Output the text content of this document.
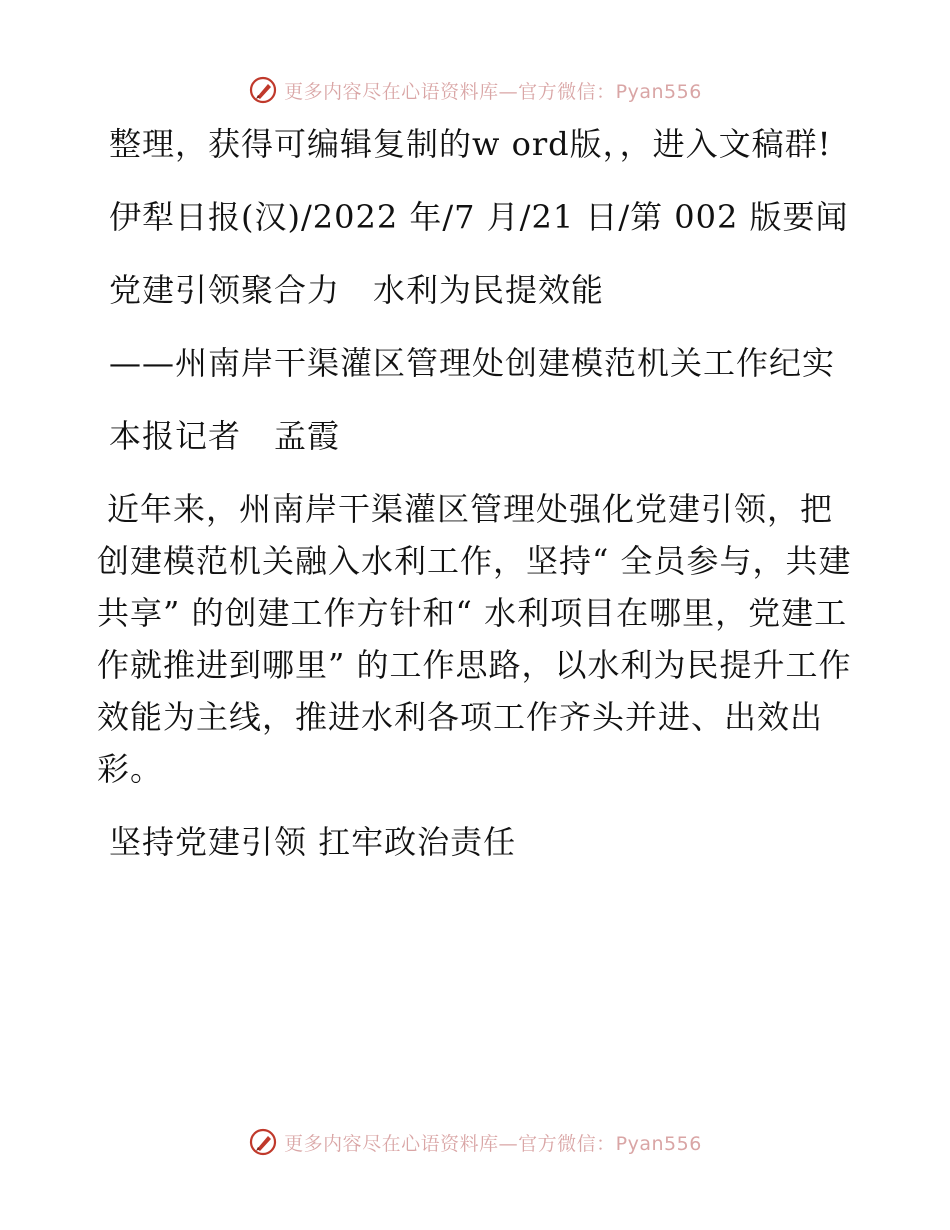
更多内容尽在心语资料库—官方微信：Pyan556

整理，获得可编辑复制的w ord版，，进入文稿群!

伊犁日报(汉)/2022 年/7 月/21 日/第 002 版要闻

党建引领聚合力　水利为民提效能

——州南岸干渠灌区管理处创建模范机关工作纪实

本报记者　孟霞

近年来，州南岸干渠灌区管理处强化党建引领，把创建模范机关融入水利工作，坚持“ 全员参与，共建共享” 的创建工作方针和“ 水利项目在哪里，党建工作就推进到哪里” 的工作思路，以水利为民提升工作效能为主线，推进水利各项工作齐头并进、出效出彩。

坚持党建引领 扛牢政治责任

更多内容尽在心语资料库—官方微信：Pyan556
